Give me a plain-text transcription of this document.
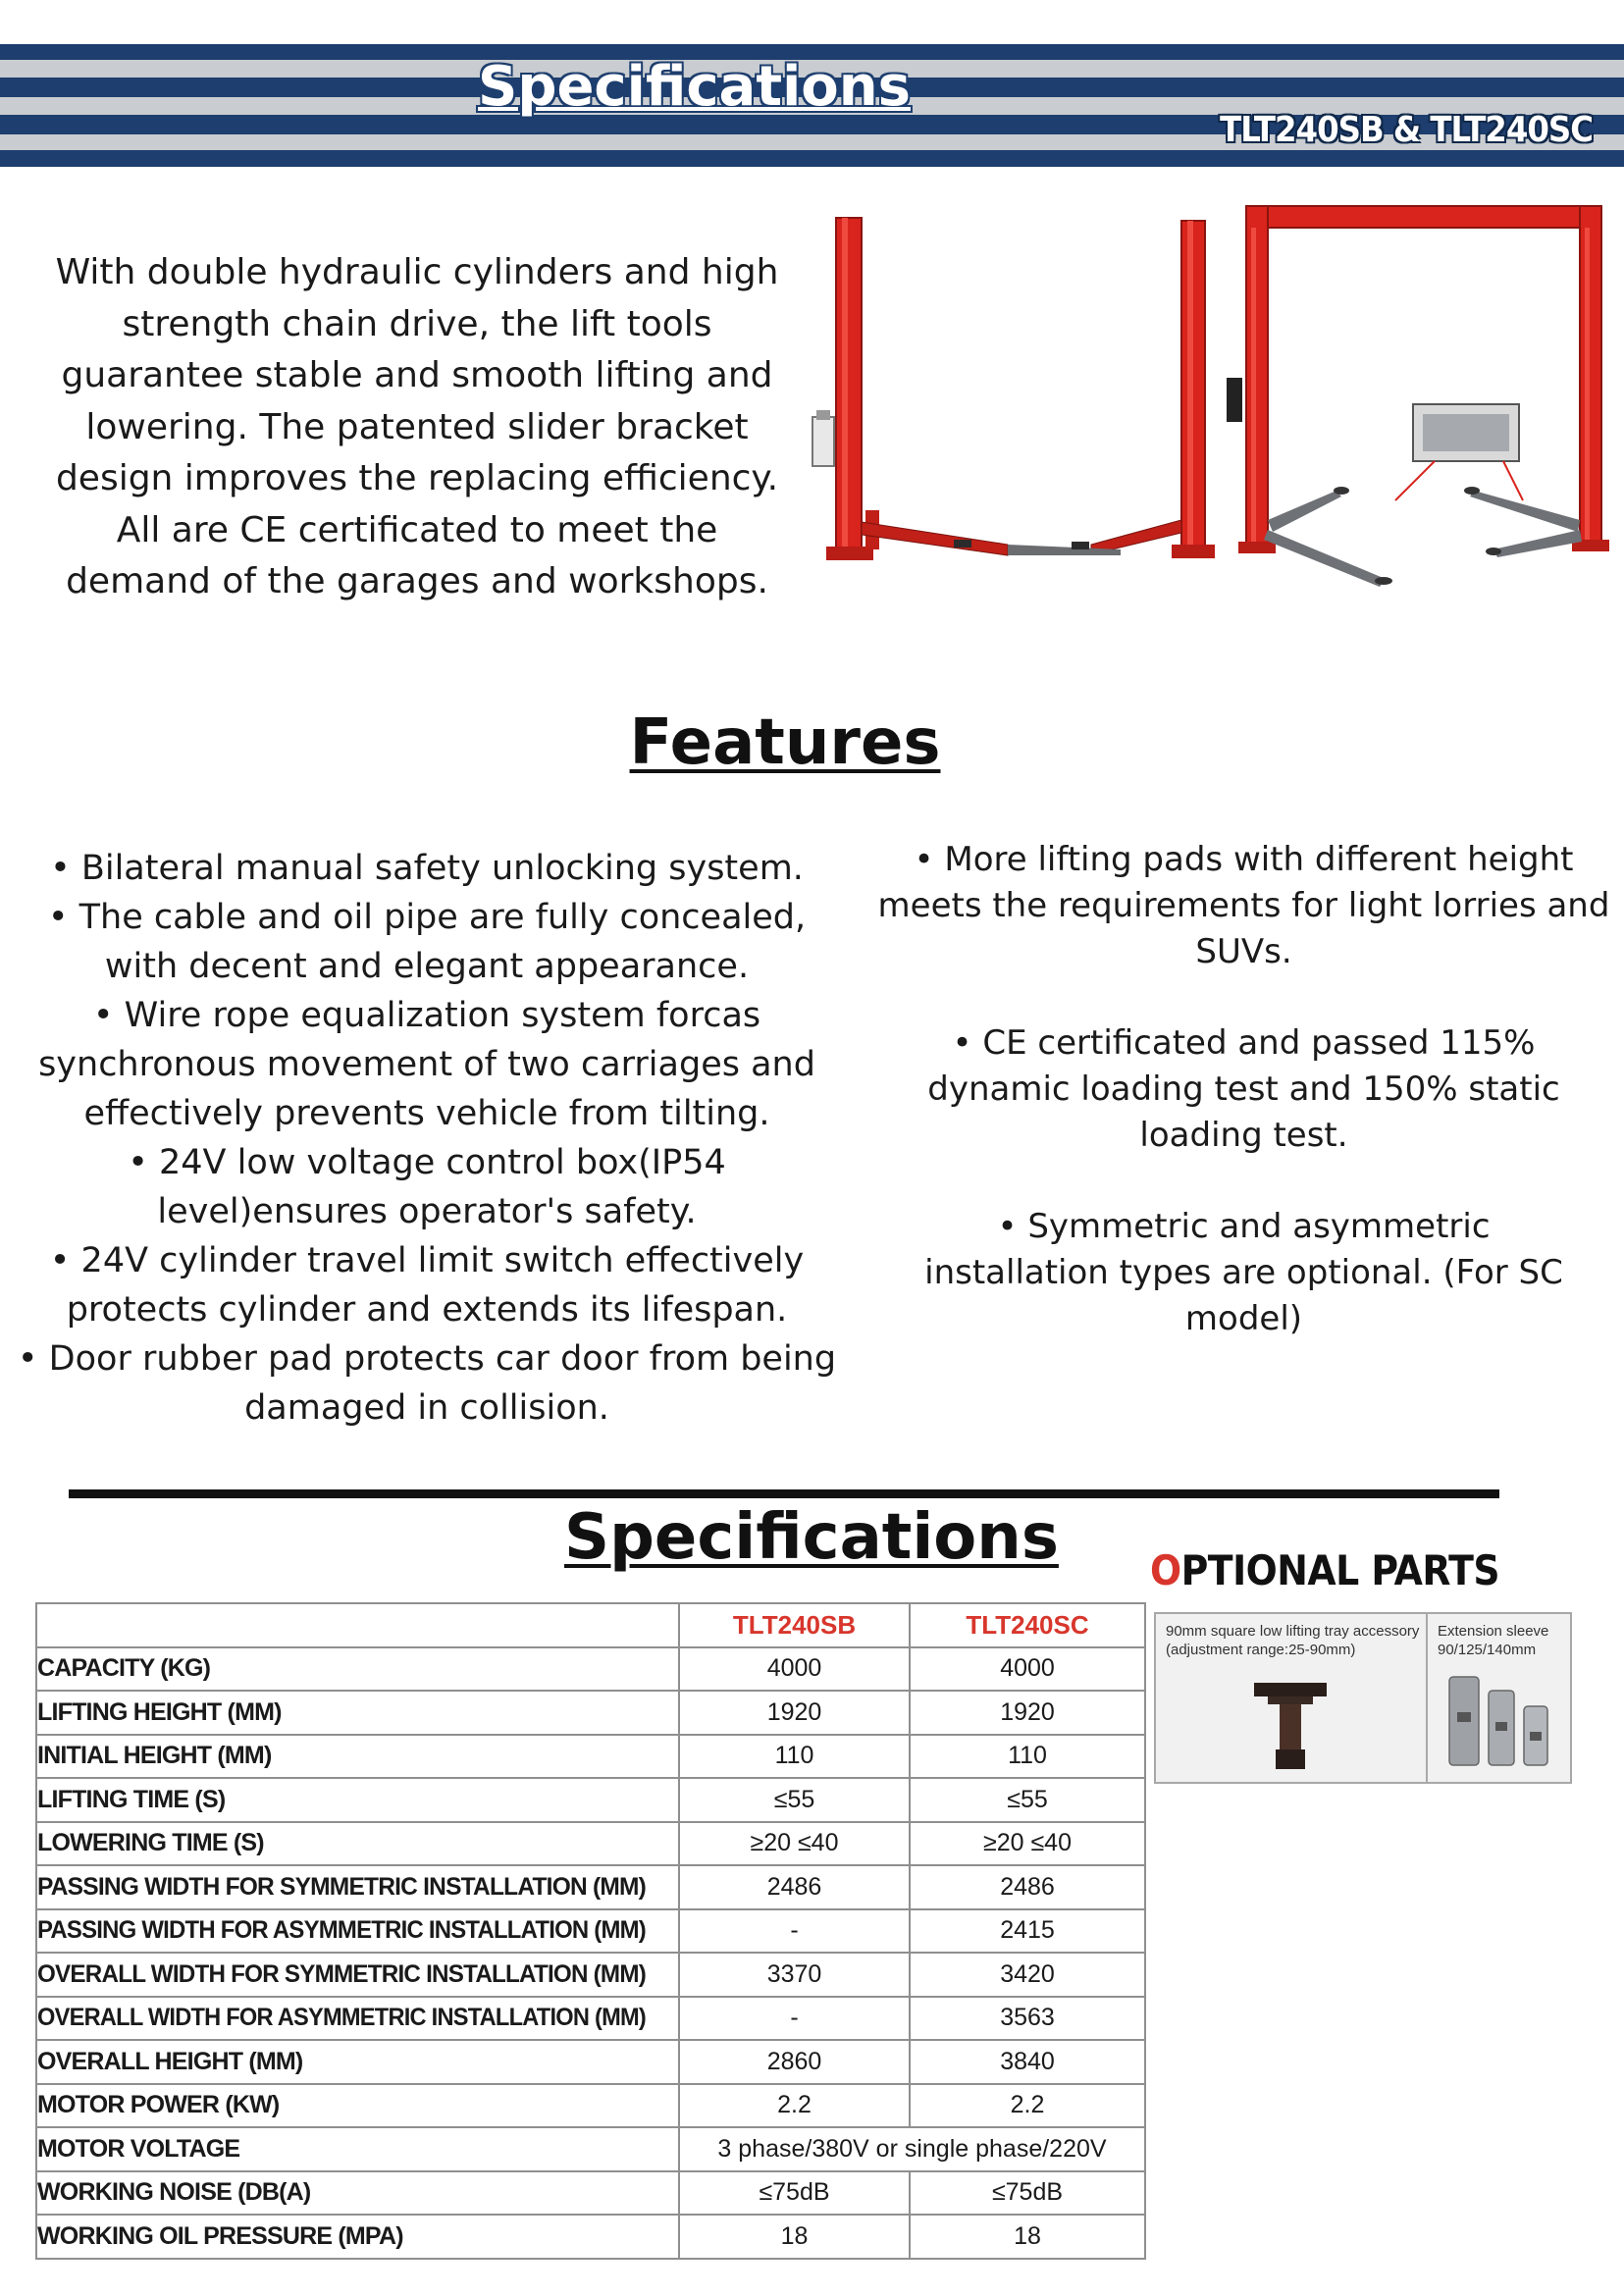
Specifications
TLT240SB & TLT240SC
With double hydraulic cylinders and high strength chain drive, the lift tools guarantee stable and smooth lifting and lowering. The patented slider bracket design improves the replacing efficiency. All are CE certificated to meet the demand of the garages and workshops.
Features

• Bilateral manual safety unlocking system.

• The cable and oil pipe are fully concealed, with decent and elegant appearance.

• Wire rope equalization system forcas synchronous movement of two carriages and effectively prevents vehicle from tilting.

• 24V low voltage control box(IP54 level)ensures operator's safety.

• 24V cylinder travel limit switch effectively protects cylinder and extends its lifespan.

• Door rubber pad protects car door from being damaged in collision.

• More lifting pads with different height meets the requirements for light lorries and SUVs.

• CE certificated and passed 115% dynamic loading test and 150% static loading test.

• Symmetric and asymmetric installation types are optional. (For SC model)

Specifications
	TLT240SB	TLT240SC
CAPACITY (KG)	4000	4000
LIFTING HEIGHT (MM)	1920	1920
INITIAL HEIGHT (MM)	110	110
LIFTING TIME (S)	≤55	≤55
LOWERING TIME (S)	≥20 ≤40	≥20 ≤40
PASSING WIDTH FOR SYMMETRIC INSTALLATION (MM)	2486	2486
PASSING WIDTH FOR ASYMMETRIC INSTALLATION (MM)	-	2415
OVERALL WIDTH FOR SYMMETRIC INSTALLATION (MM)	3370	3420
OVERALL WIDTH FOR ASYMMETRIC INSTALLATION (MM)	-	3563
OVERALL HEIGHT (MM)	2860	3840
MOTOR POWER (KW)	2.2	2.2
MOTOR VOLTAGE	3 phase/380V or single phase/220V	
WORKING NOISE (DB(A)	≤75dB	≤75dB
WORKING OIL PRESSURE (MPA)	18	18
OPTIONAL PARTS
90mm square low lifting tray accessory (adjustment range:25-90mm)
Extension sleeve 90/125/140mm
